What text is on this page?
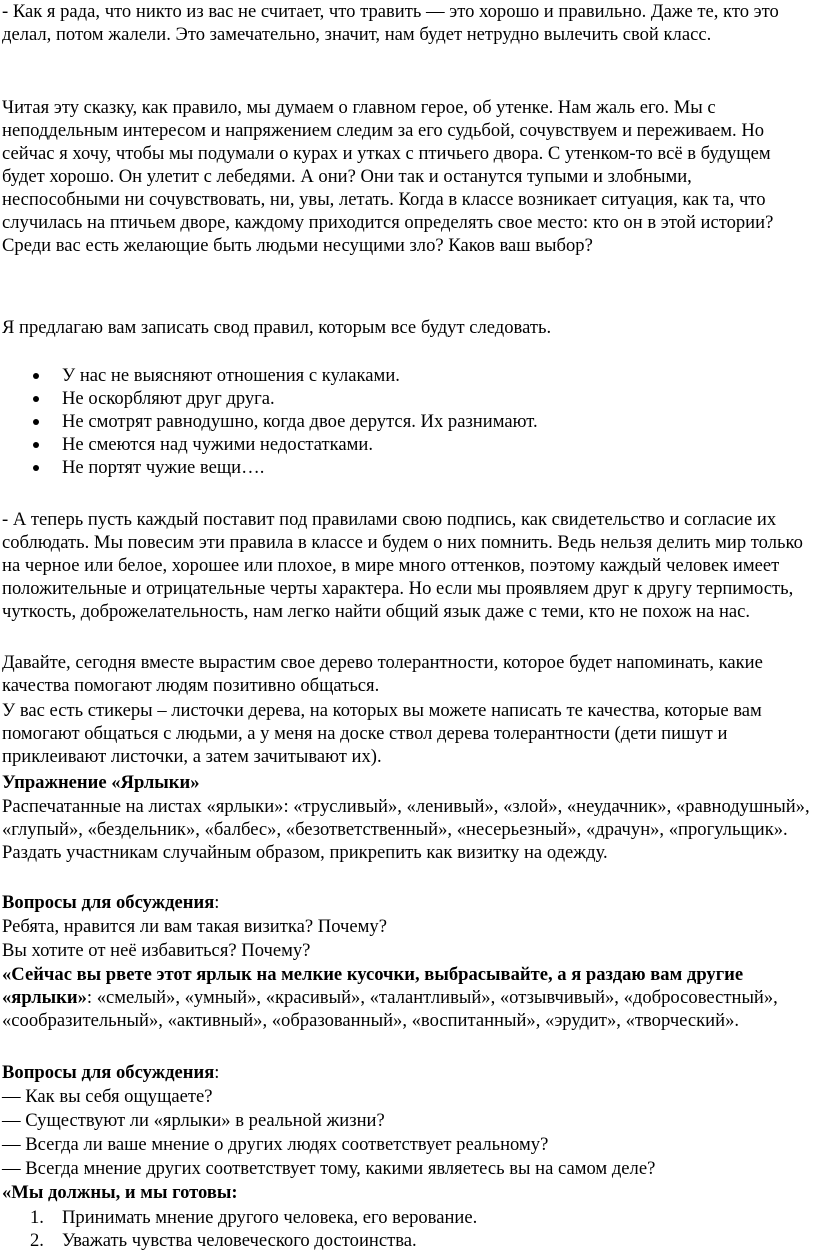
- Как я рада, что никто из вас не считает, что травить — это хорошо и правильно. Даже те, кто это делал, потом жалели. Это замечательно, значит, нам будет нетрудно вылечить свой класс.

Читая эту сказку, как правило, мы думаем о главном герое, об утенке. Нам жаль его. Мы с неподдельным интересом и напряжением следим за его судьбой, сочувствуем и переживаем. Но сейчас я хочу, чтобы мы подумали о курах и утках с птичьего двора. С утенком-то всё в будущем будет хорошо. Он улетит с лебедями. А они? Они так и останутся тупыми и злобными, неспособными ни сочувствовать, ни, увы, летать. Когда в классе возникает ситуация, как та, что случилась на птичьем дворе, каждому приходится определять свое место: кто он в этой истории? Среди вас есть желающие быть людьми несущими зло? Каков ваш выбор?

Я предлагаю вам записать свод правил, которым все будут следовать.

У нас не выясняют отношения с кулаками.
Не оскорбляют друг друга.
Не смотрят равнодушно, когда двое дерутся. Их разнимают.
Не смеются над чужими недостатками.
Не портят чужие вещи….

- А теперь пусть каждый поставит под правилами свою подпись, как свидетельство и согласие их соблюдать. Мы повесим эти правила в классе и будем о них помнить. Ведь нельзя делить мир только на черное или белое, хорошее или плохое, в мире много оттенков, поэтому каждый человек имеет положительные и отрицательные черты характера. Но если мы проявляем друг к другу терпимость, чуткость, доброжелательность, нам легко найти общий язык даже с теми, кто не похож на нас.

Давайте, сегодня вместе вырастим свое дерево толерантности, которое будет напоминать, какие качества помогают людям позитивно общаться.

У вас есть стикеры – листочки дерева, на которых вы можете написать те качества, которые вам помогают общаться с людьми, а у меня на доске ствол дерева толерантности (дети пишут и приклеивают листочки, а затем зачитывают их).

Упражнение «Ярлыки»

Распечатанные на листах «ярлыки»: «трусливый», «ленивый», «злой», «неудачник», «равнодушный», «глупый», «бездельник», «балбес», «безответственный», «несерьезный», «драчун», «прогульщик». Раздать участникам случайным образом, прикрепить как визитку на одежду.

Вопросы для обсуждения:

Ребята, нравится ли вам такая визитка? Почему?

Вы хотите от неё избавиться? Почему?

«Сейчас вы рвете этот ярлык на мелкие кусочки, выбрасывайте, а я раздаю вам другие «ярлыки»: «смелый», «умный», «красивый», «талантливый», «отзывчивый», «добросовестный», «сообразительный», «активный», «образованный», «воспитанный», «эрудит», «творческий».

Вопросы для обсуждения:

— Как вы себя ощущаете?

— Существуют ли «ярлыки» в реальной жизни?

— Всегда ли ваше мнение о других людях соответствует реальному?

— Всегда мнение других соответствует тому, какими являетесь вы на самом деле?

«Мы должны, и мы готовы:

1. Принимать мнение другого человека, его верование.
2. Уважать чувства человеческого достоинства.
